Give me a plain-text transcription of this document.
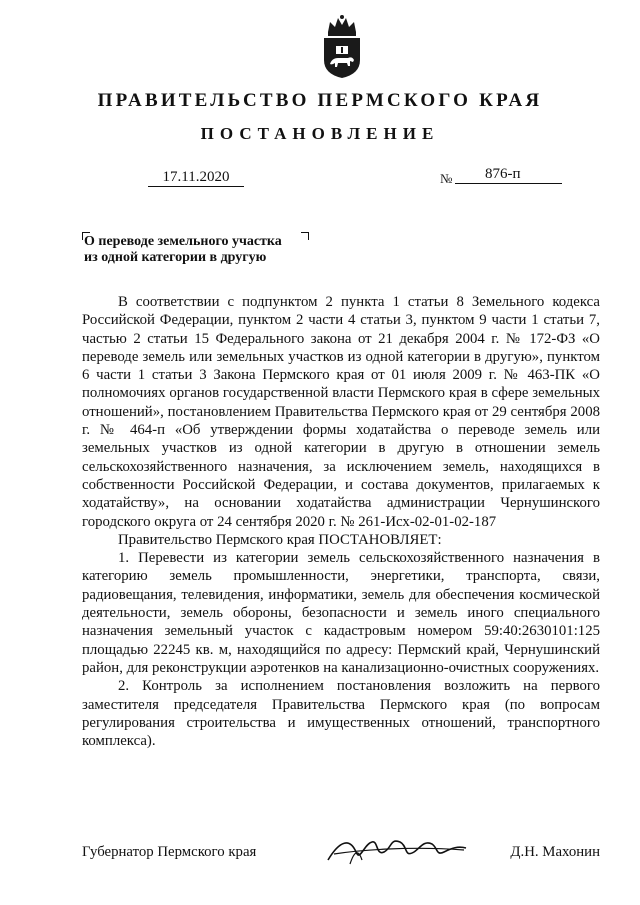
ПРАВИТЕЛЬСТВО ПЕРМСКОГО КРАЯ
ПОСТАНОВЛЕНИЕ
17.11.2020	№	876-п
О переводе земельного участка
из одной категории в другую

В соответствии с подпунктом 2 пункта 1 статьи 8 Земельного кодекса Российской Федерации, пунктом 2 части 4 статьи 3, пунктом 9 части 1 статьи 7, частью 2 статьи 15 Федерального закона от 21 декабря 2004 г. № 172-ФЗ «О переводе земель или земельных участков из одной категории в другую», пунктом 6 части 1 статьи 3 Закона Пермского края от 01 июля 2009 г. № 463-ПК «О полномочиях органов государственной власти Пермского края в сфере земельных отношений», постановлением Правительства Пермского края от 29 сентября 2008 г. № 464-п «Об утверждении формы ходатайства о переводе земель или земельных участков из одной категории в другую в отношении земель сельскохозяйственного назначения, за исключением земель, находящихся в собственности Российской Федерации, и состава документов, прилагаемых к ходатайству», на основании ходатайства администрации Чернушинского городского округа от 24 сентября 2020 г. № 261-Исх-02-01-02-187

Правительство Пермского края ПОСТАНОВЛЯЕТ:

1. Перевести из категории земель сельскохозяйственного назначения в категорию земель промышленности, энергетики, транспорта, связи, радиовещания, телевидения, информатики, земель для обеспечения космической деятельности, земель обороны, безопасности и земель иного специального назначения земельный участок с кадастровым номером 59:40:2630101:125 площадью 22245 кв. м, находящийся по адресу: Пермский край, Чернушинский район, для реконструкции аэротенков на канализационно-очистных сооружениях.

2. Контроль за исполнением постановления возложить на первого заместителя председателя Правительства Пермского края (по вопросам регулирования строительства и имущественных отношений, транспортного комплекса).

Губернатор Пермского края	Д.Н. Махонин
